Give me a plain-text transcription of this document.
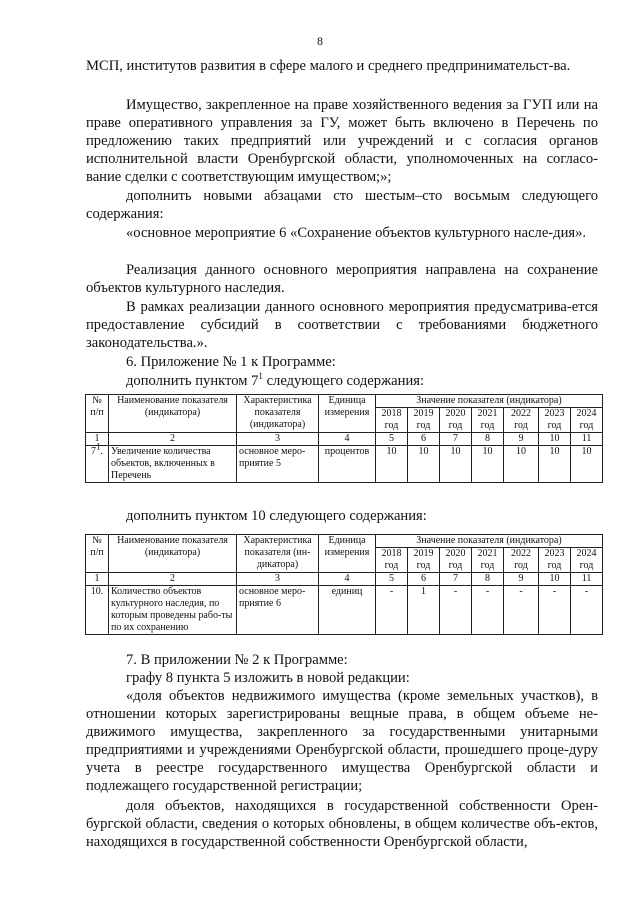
8

МСП, институтов развития в сфере малого и среднего предпринимательст-ва.

Имущество, закрепленное на праве хозяйственного ведения за ГУП или на праве оперативного управления за ГУ, может быть включено в Перечень по предложению таких предприятий или учреждений и с согласия органов исполнительной власти Оренбургской области, уполномоченных на согласо-вание сделки с соответствующим имуществом;»;

дополнить новыми абзацами сто шестым–сто восьмым следующего содержания:

«основное мероприятие 6 «Сохранение объектов культурного насле-дия».

Реализация данного основного мероприятия направлена на сохранение объектов культурного наследия.

В рамках реализации данного основного мероприятия предусматрива-ется предоставление субсидий в соответствии с требованиями бюджетного законодательства.».

6. Приложение № 1 к Программе:

дополнить пунктом $7^1$ следующего содержания:

№ п/п	Наименование показателя (индикатора)	Характеристика показателя (индикатора)	Единица измерения	Значение показателя (индикатора)						
				2018 год	2019 год	2020 год	2021 год	2022 год	2023 год	2024 год
1	2	3	4	5	6	7	8	9	10	11
$7^1$.	Увеличение количества объектов, включенных в Перечень	основное меро-приятие 5	процентов	10	10	10	10	10	10	10

дополнить пунктом 10 следующего содержания:

№ п/п	Наименование показателя (индикатора)	Характеристика показателя (ин-дикатора)	Единица измерения	Значение показателя (индикатора)						
				2018 год	2019 год	2020 год	2021 год	2022 год	2023 год	2024 год
1	2	3	4	5	6	7	8	9	10	11
10.	Количество объектов культурного наследия, по которым проведены рабо-ты по их сохранению	основное меро-приятие 6	единиц	-	1	-	-	-	-	-

7. В приложении № 2 к Программе:

графу 8 пункта 5 изложить в новой редакции:

«доля объектов недвижимого имущества (кроме земельных участков), в отношении которых зарегистрированы вещные права, в общем объеме не-движимого имущества, закрепленного за государственными унитарными предприятиями и учреждениями Оренбургской области, прошедшего проце-дуру учета в реестре государственного имущества Оренбургской области и подлежащего государственной регистрации;

доля объектов, находящихся в государственной собственности Орен-бургской области, сведения о которых обновлены, в общем количестве объ-ектов, находящихся в государственной собственности Оренбургской области,
